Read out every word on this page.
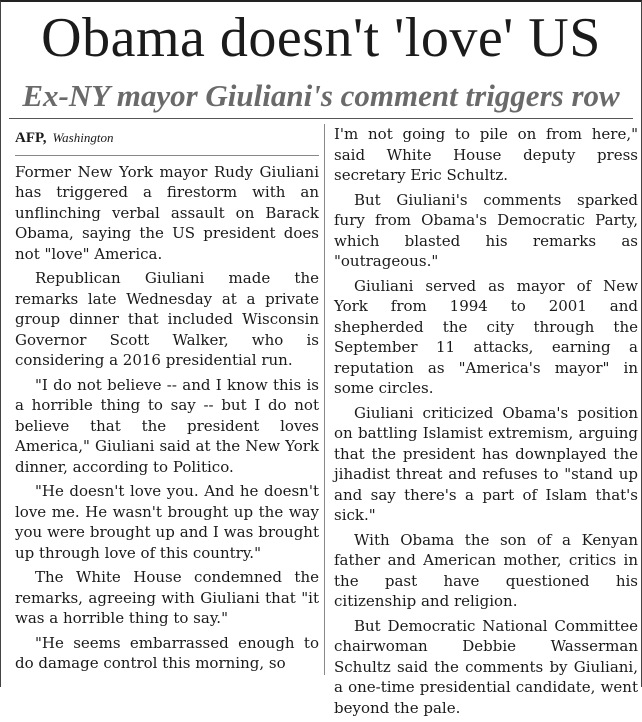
Obama doesn't 'love' US
Ex-NY mayor Giuliani's comment triggers row
AFP, Washington

Former New York mayor Rudy Giuliani has triggered a firestorm with an unflinching verbal assault on Barack Obama, saying the US president does not "love" America.

Republican Giuliani made the remarks late Wednesday at a private group dinner that included Wisconsin Governor Scott Walker, who is considering a 2016 presidential run.

"I do not believe -- and I know this is a horrible thing to say -- but I do not believe that the president loves America," Giuliani said at the New York dinner, according to Politico.

"He doesn't love you. And he doesn't love me. He wasn't brought up the way you were brought up and I was brought up through love of this country."

The White House condemned the remarks, agreeing with Giuliani that "it was a horrible thing to say."

"He seems embarrassed enough to do damage control this morning, so

I'm not going to pile on from here," said White House deputy press secretary Eric Schultz.

But Giuliani's comments sparked fury from Obama's Democratic Party, which blasted his remarks as "outrageous."

Giuliani served as mayor of New York from 1994 to 2001 and shepherded the city through the September 11 attacks, earning a reputation as "America's mayor" in some circles.

Giuliani criticized Obama's position on battling Islamist extremism, arguing that the president has downplayed the jihadist threat and refuses to "stand up and say there's a part of Islam that's sick."

With Obama the son of a Kenyan father and American mother, critics in the past have questioned his citizenship and religion.

But Democratic National Committee chairwoman Debbie Wasserman Schultz said the comments by Giuliani, a one-time presidential candidate, went beyond the pale.
